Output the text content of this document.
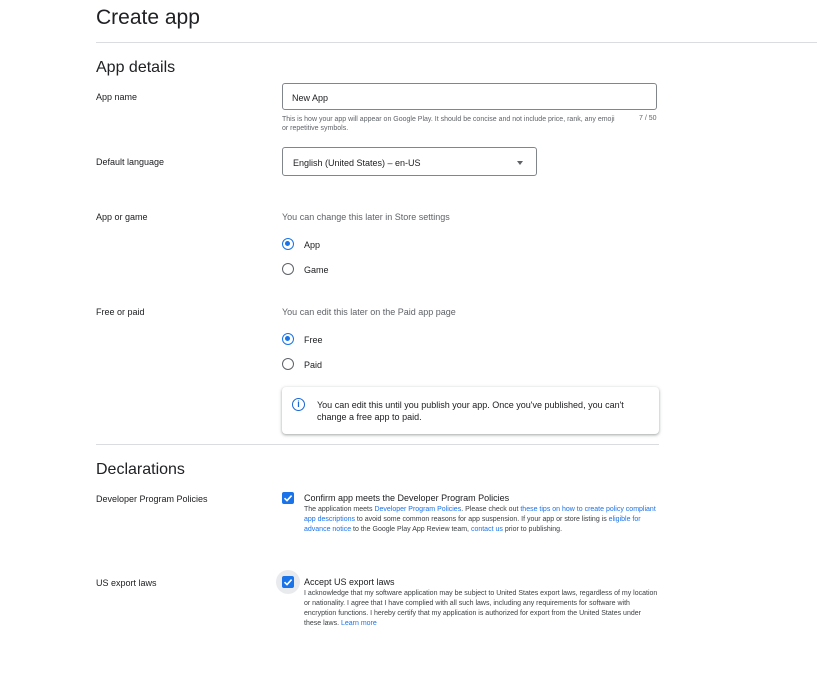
Create app
App details
App name	New App
This is how your app will appear on Google Play. It should be concise and not include price, rank, any emoji or repetitive symbols.
7 / 50
Default language	English (United States) – en-US
App or game	You can change this later in Store settings
App
Game
Free or paid	You can edit this later on the Paid app page
Free
Paid
i	You can edit this until you publish your app. Once you've published, you can't change a free app to paid.
Declarations
Developer Program Policies	Confirm app meets the Developer Program Policies
The application meets Developer Program Policies. Please check out these tips on how to create policy compliant app descriptions to avoid some common reasons for app suspension. If your app or store listing is eligible for advance notice to the Google Play App Review team, contact us prior to publishing.
US export laws	Accept US export laws
I acknowledge that my software application may be subject to United States export laws, regardless of my location or nationality. I agree that I have complied with all such laws, including any requirements for software with encryption functions. I hereby certify that my application is authorized for export from the United States under these laws. Learn more
